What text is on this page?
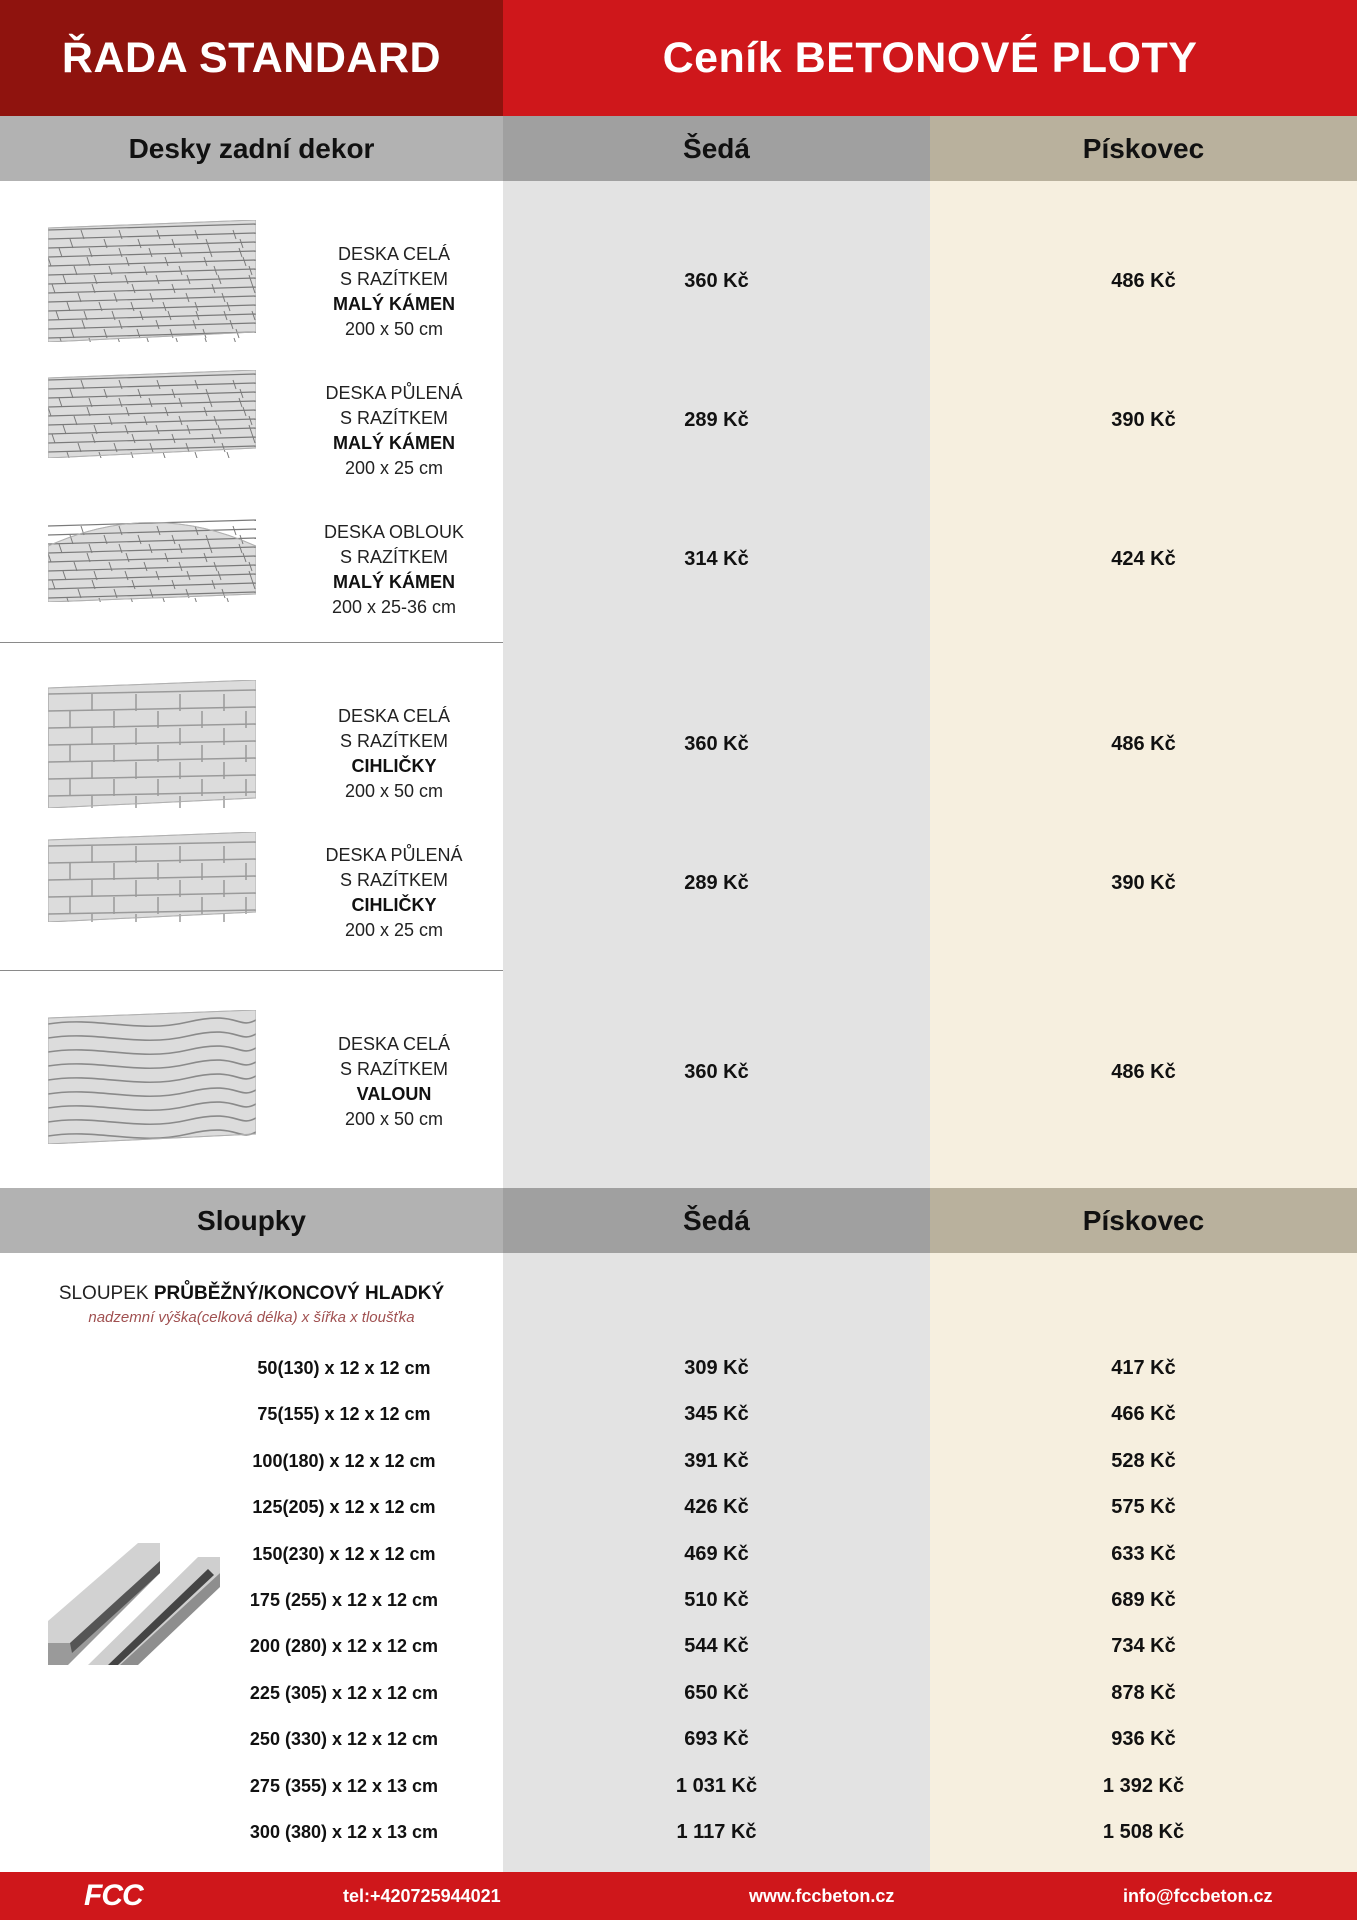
ŘADA STANDARD	Ceník BETONOVÉ PLOTY
Desky zadní dekor	Šedá	Pískovec
DESKA CELÁ
S RAZÍTKEM
MALÝ KÁMEN
200 x 50 cm
360 Kč	486 Kč
DESKA PŮLENÁ
S RAZÍTKEM
MALÝ KÁMEN
200 x 25 cm
289 Kč	390 Kč
DESKA OBLOUK
S RAZÍTKEM
MALÝ KÁMEN
200 x 25-36 cm
314 Kč	424 Kč
DESKA CELÁ
S RAZÍTKEM
CIHLIČKY
200 x 50 cm
360 Kč	486 Kč
DESKA PŮLENÁ
S RAZÍTKEM
CIHLIČKY
200 x 25 cm
289 Kč	390 Kč
DESKA CELÁ
S RAZÍTKEM
VALOUN
200 x 50 cm
360 Kč	486 Kč
Sloupky	Šedá	Pískovec
SLOUPEK PRŮBĚŽNÝ/KONCOVÝ HLADKÝ
nadzemní výška(celková délka) x šířka x tloušťka
50(130) x 12 x 12 cm	309 Kč	417 Kč
75(155) x 12 x 12 cm	345 Kč	466 Kč
100(180) x 12 x 12 cm	391 Kč	528 Kč
125(205) x 12 x 12 cm	426 Kč	575 Kč
150(230) x 12 x 12 cm	469 Kč	633 Kč
175 (255) x 12 x 12 cm	510 Kč	689 Kč
200 (280) x 12 x 12 cm	544 Kč	734 Kč
225 (305) x 12 x 12 cm	650 Kč	878 Kč
250 (330) x 12 x 12 cm	693 Kč	936 Kč
275 (355) x 12 x 13 cm	1 031 Kč	1 392 Kč
300 (380) x 12 x 13 cm	1 117 Kč	1 508 Kč
FCC	tel:+420725944021	www.fccbeton.cz	info@fccbeton.cz
